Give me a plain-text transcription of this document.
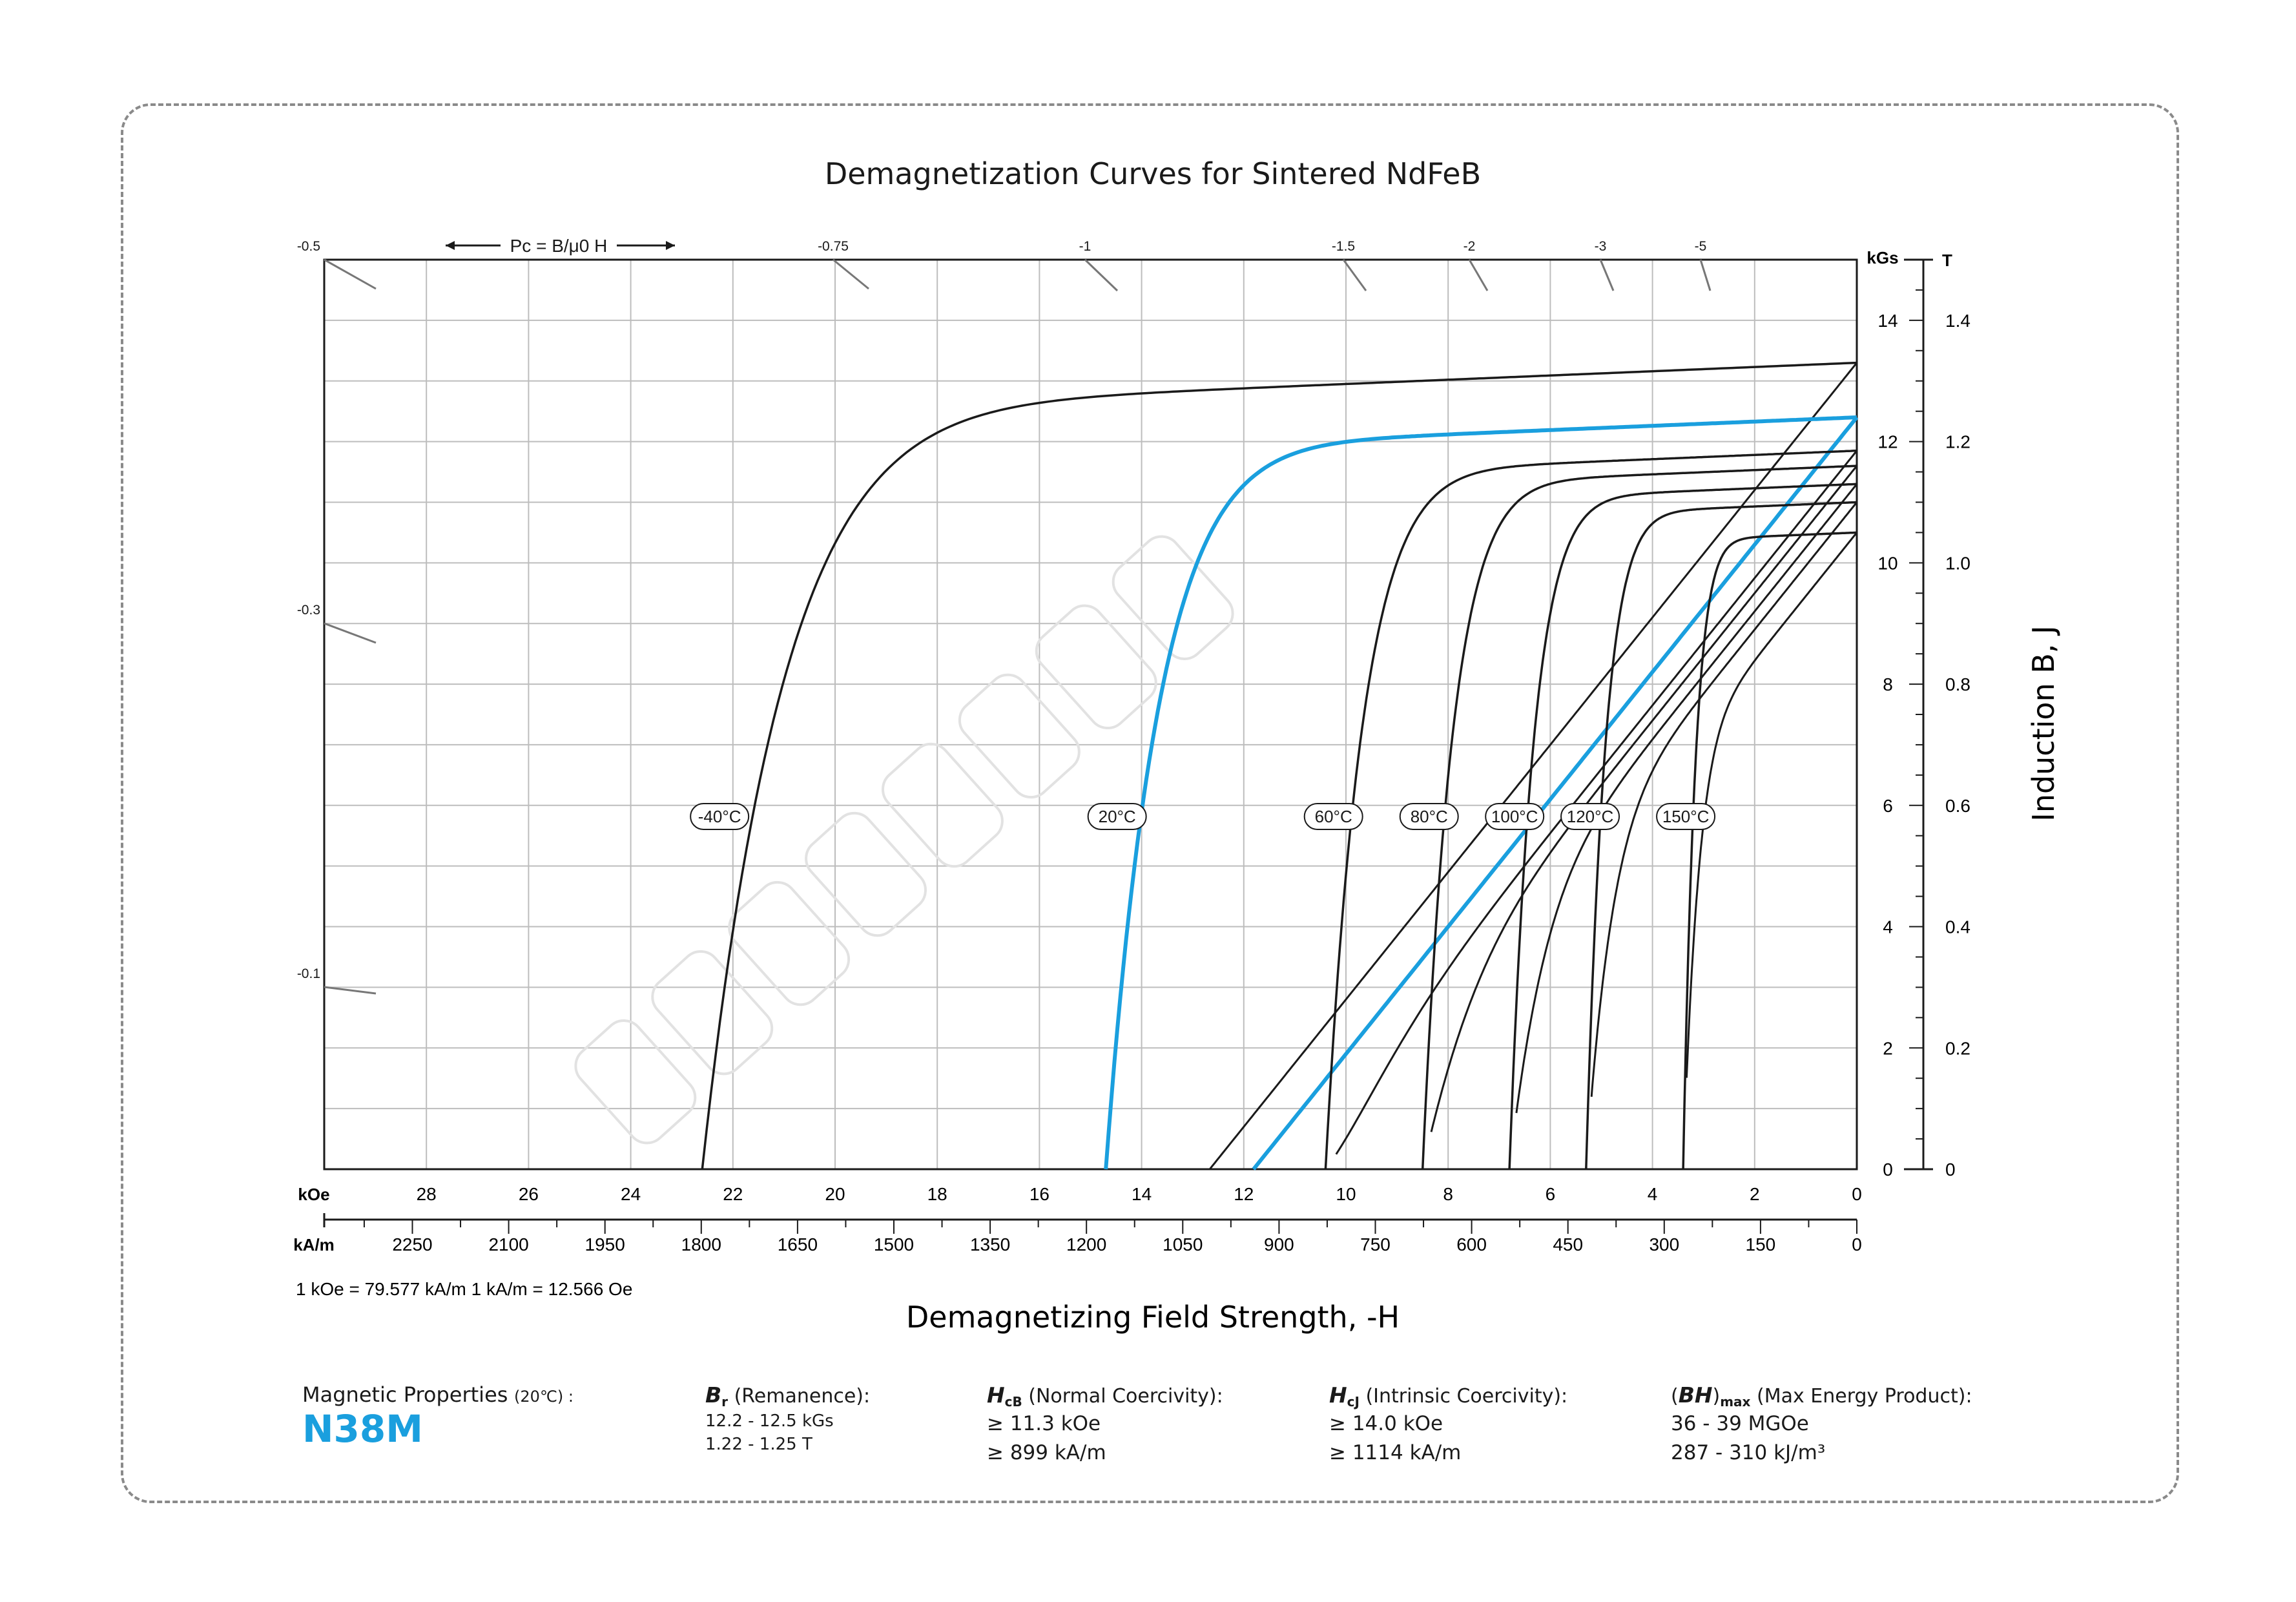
-0.5	-0.75	-1	-1.5	-2	-3	-5
-0.3
-0.1
Pc = B/μ0 H
Demagnetization Curves for Sintered NdFeB
kOe	28	26	24	22	20	18	16	14	12	10	8	6	4	2	0
kA/m	2250	2100	1950	1800	1650	1500	1350	1200	1050	900	750	600	450	300	150	0
1 kOe = 79.577 kA/m 1 kA/m = 12.566 Oe
Demagnetizing Field Strength, -H
kGs	T
14
12
10
8
6
4
2
0
1.4
1.2
1.0
0.8
0.6
0.4
0.2
0
Induction B, J
-40°C	20°C	60°C	80°C	100°C 120°C	150°C
Magnetic Properties (20℃) :
N38M
$B_r$ (Remanence):
12.2 - 12.5 kGs
1.22 - 1.25 T
$H_{cB}$ (Normal Coercivity):
≥ 11.3 kOe
≥ 899 kA/m
$H_{cJ}$ (Intrinsic Coercivity):
≥ 14.0 kOe
≥ 1114 kA/m
$(BH)_{max}$ (Max Energy Product):
36 - 39 MGOe
287 - 310 kJ/m³
